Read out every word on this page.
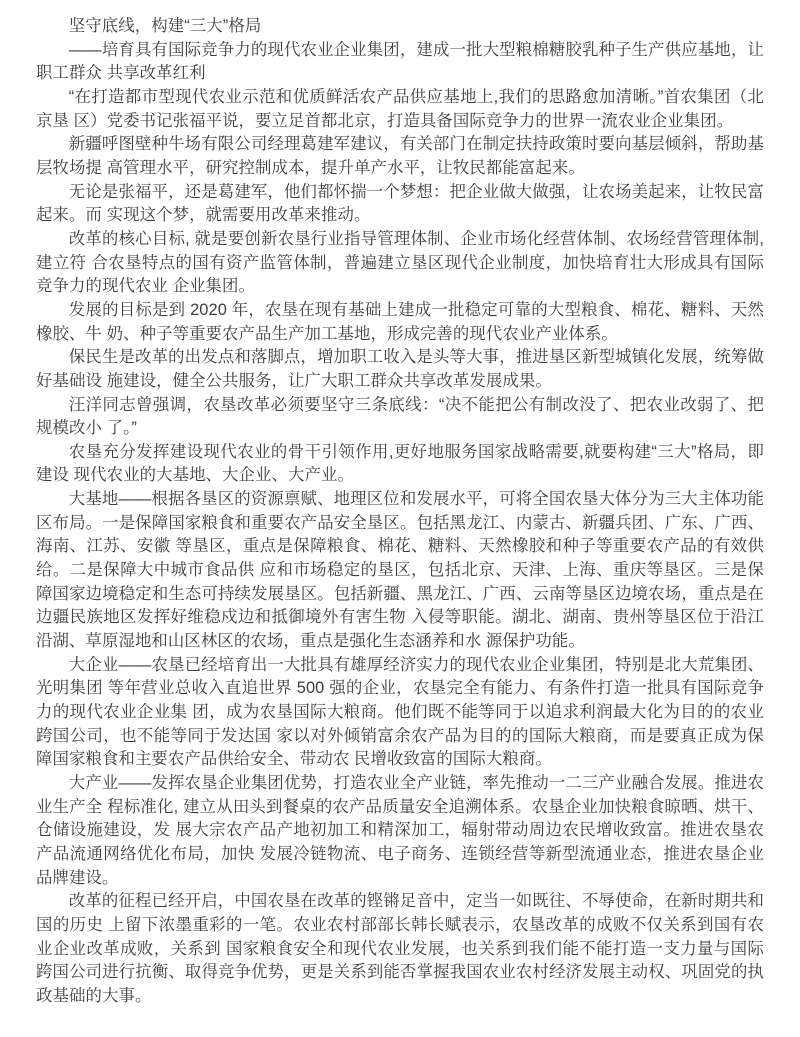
坚守底线，构建“三大”格局

——培育具有国际竞争力的现代农业企业集团，建成一批大型粮棉糖胶乳种子生产供应基地，让职工群众 共享改革红利

“在打造都市型现代农业示范和优质鲜活农产品供应基地上,我们的思路愈加清晰。”首农集团（北京垦 区）党委书记张福平说，要立足首都北京，打造具备国际竞争力的世界一流农业企业集团。

新疆呼图壁种牛场有限公司经理葛建军建议，有关部门在制定扶持政策时要向基层倾斜，帮助基层牧场提 高管理水平，研究控制成本，提升单产水平，让牧民都能富起来。

无论是张福平，还是葛建军，他们都怀揣一个梦想：把企业做大做强，让农场美起来，让牧民富起来。而 实现这个梦，就需要用改革来推动。

改革的核心目标, 就是要创新农垦行业指导管理体制、企业市场化经营体制、农场经营管理体制, 建立符 合农垦特点的国有资产监管体制，普遍建立垦区现代企业制度，加快培育壮大形成具有国际竞争力的现代农业 企业集团。

发展的目标是到 2020 年，农垦在现有基础上建成一批稳定可靠的大型粮食、棉花、糖料、天然橡胶、牛 奶、种子等重要农产品生产加工基地，形成完善的现代农业产业体系。

保民生是改革的出发点和落脚点，增加职工收入是头等大事，推进垦区新型城镇化发展，统筹做好基础设 施建设，健全公共服务，让广大职工群众共享改革发展成果。

汪洋同志曾强调，农垦改革必须要坚守三条底线：“决不能把公有制改没了、把农业改弱了、把规模改小 了。”

农垦充分发挥建设现代农业的骨干引领作用,更好地服务国家战略需要,就要构建“三大”格局，即建设 现代农业的大基地、大企业、大产业。

大基地——根据各垦区的资源禀赋、地理区位和发展水平，可将全国农垦大体分为三大主体功能区布局。一是保障国家粮食和重要农产品安全垦区。包括黑龙江、内蒙古、新疆兵团、广东、广西、海南、江苏、安徽 等垦区，重点是保障粮食、棉花、糖料、天然橡胶和种子等重要农产品的有效供给。二是保障大中城市食品供 应和市场稳定的垦区，包括北京、天津、上海、重庆等垦区。三是保障国家边境稳定和生态可持续发展垦区。包括新疆、黑龙江、广西、云南等垦区边境农场，重点是在边疆民族地区发挥好维稳戍边和抵御境外有害生物 入侵等职能。湖北、湖南、贵州等垦区位于沿江沿湖、草原湿地和山区林区的农场，重点是强化生态涵养和水 源保护功能。

大企业——农垦已经培育出一大批具有雄厚经济实力的现代农业企业集团，特别是北大荒集团、光明集团 等年营业总收入直追世界 500 强的企业，农垦完全有能力、有条件打造一批具有国际竞争力的现代农业企业集 团，成为农垦国际大粮商。他们既不能等同于以追求利润最大化为目的的农业跨国公司，也不能等同于发达国 家以对外倾销富余农产品为目的的国际大粮商，而是要真正成为保障国家粮食和主要农产品供给安全、带动农 民增收致富的国际大粮商。

大产业——发挥农垦企业集团优势，打造农业全产业链，率先推动一二三产业融合发展。推进农业生产全 程标准化, 建立从田头到餐桌的农产品质量安全追溯体系。农垦企业加快粮食晾晒、烘干、仓储设施建设，发 展大宗农产品产地初加工和精深加工，辐射带动周边农民增收致富。推进农垦农产品流通网络优化布局，加快 发展冷链物流、电子商务、连锁经营等新型流通业态，推进农垦企业品牌建设。

改革的征程已经开启，中国农垦在改革的铿锵足音中，定当一如既往、不辱使命，在新时期共和国的历史 上留下浓墨重彩的一笔。农业农村部部长韩长赋表示，农垦改革的成败不仅关系到国有农业企业改革成败，关系到 国家粮食安全和现代农业发展，也关系到我们能不能打造一支力量与国际跨国公司进行抗衡、取得竞争优势，更是关系到能否掌握我国农业农村经济发展主动权、巩固党的执政基础的大事。
